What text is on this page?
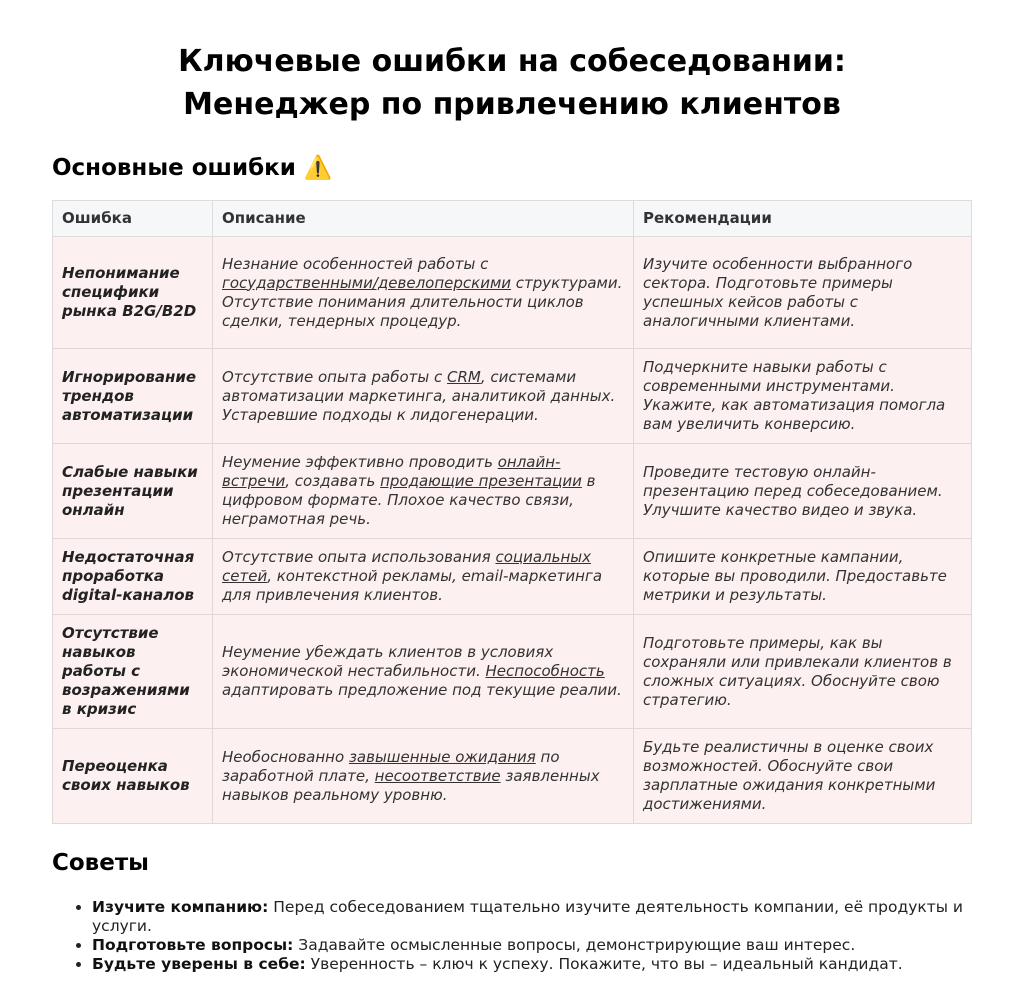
Ключевые ошибки на собеседовании:
Менеджер по привлечению клиентов
Основные ошибки ⚠️
Ошибка	Описание	Рекомендации
Непонимание специфики рынка B2G/B2D	Незнание особенностей работы с государственными/девелоперскими структурами. Отсутствие понимания длительности циклов сделки, тендерных процедур.	Изучите особенности выбранного сектора. Подготовьте примеры успешных кейсов работы с аналогичными клиентами.
Игнорирование трендов автоматизации	Отсутствие опыта работы с CRM, системами автоматизации маркетинга, аналитикой данных. Устаревшие подходы к лидогенерации.	Подчеркните навыки работы с современными инструментами. Укажите, как автоматизация помогла вам увеличить конверсию.
Слабые навыки презентации онлайн	Неумение эффективно проводить онлайн-встречи, создавать продающие презентации в цифровом формате. Плохое качество связи, неграмотная речь.	Проведите тестовую онлайн-презентацию перед собеседованием. Улучшите качество видео и звука.
Недостаточная проработка digital-каналов	Отсутствие опыта использования социальных сетей, контекстной рекламы, email-маркетинга для привлечения клиентов.	Опишите конкретные кампании, которые вы проводили. Предоставьте метрики и результаты.
Отсутствие навыков работы с возражениями в кризис	Неумение убеждать клиентов в условиях экономической нестабильности. Неспособность адаптировать предложение под текущие реалии.	Подготовьте примеры, как вы сохраняли или привлекали клиентов в сложных ситуациях. Обоснуйте свою стратегию.
Переоценка своих навыков	Необоснованно завышенные ожидания по заработной плате, несоответствие заявленных навыков реальному уровню.	Будьте реалистичны в оценке своих возможностей. Обоснуйте свои зарплатные ожидания конкретными достижениями.
Советы
• Изучите компанию: Перед собеседованием тщательно изучите деятельность компании, её продукты и услуги.
• Подготовьте вопросы: Задавайте осмысленные вопросы, демонстрирующие ваш интерес.
• Будьте уверены в себе: Уверенность – ключ к успеху. Покажите, что вы – идеальный кандидат.
